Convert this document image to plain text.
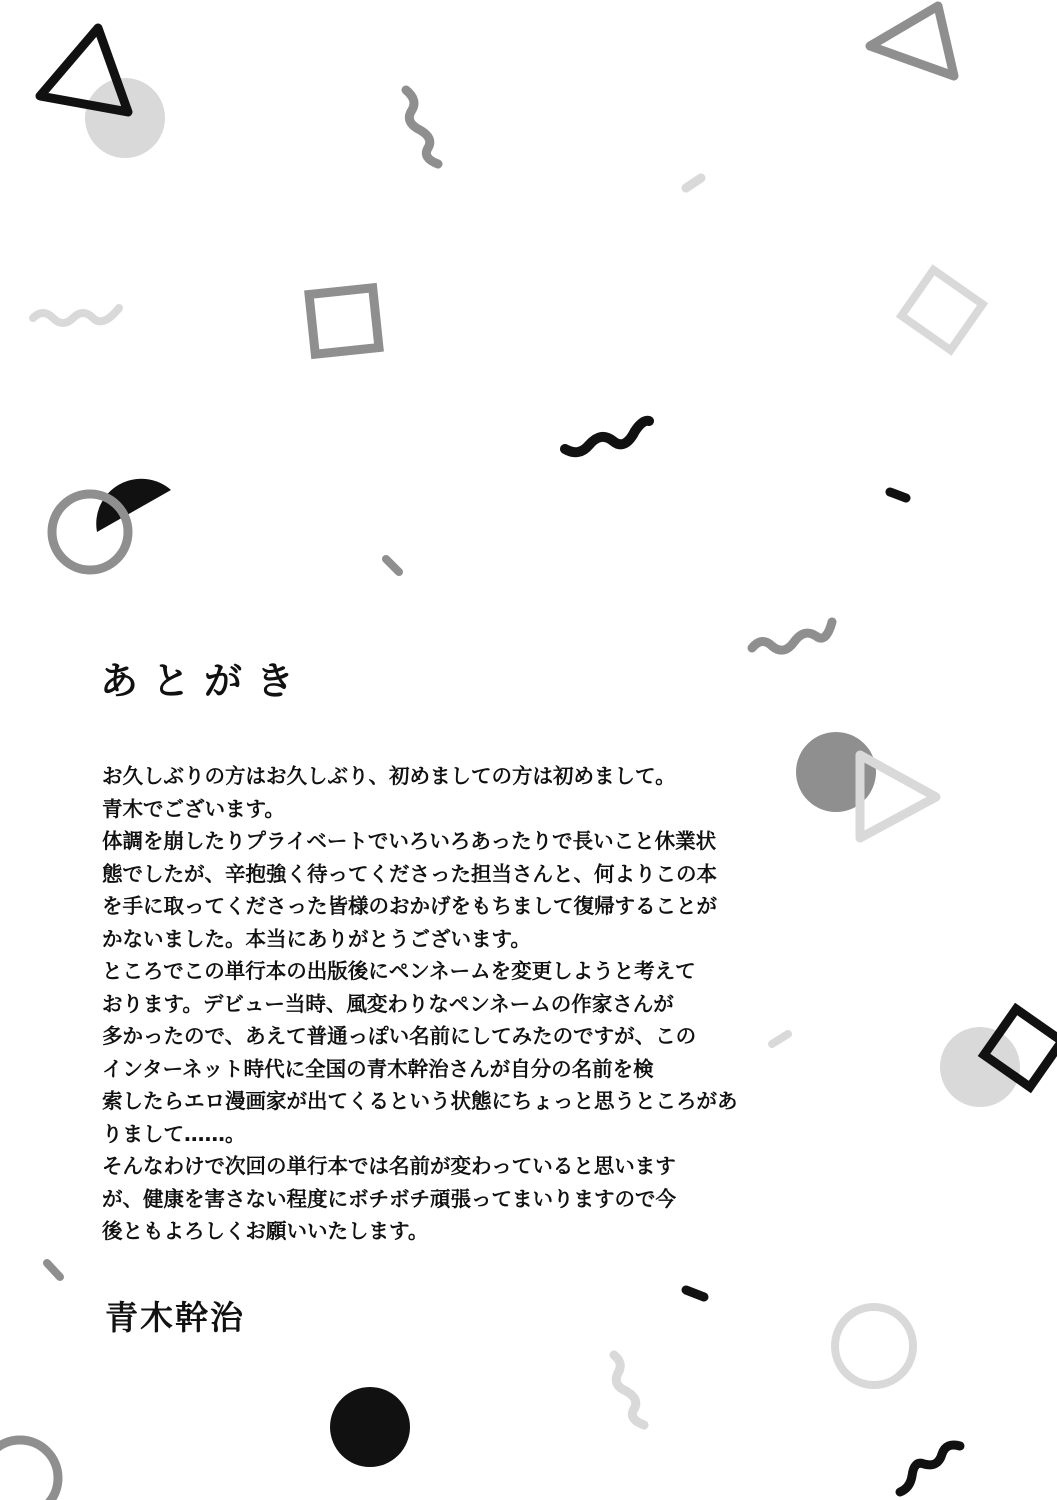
あとがき
お久しぶりの方はお久しぶり、初めましての方は初めまして。
青木でございます。
体調を崩したりプライベートでいろいろあったりで長いこと休業状
態でしたが、辛抱強く待ってくださった担当さんと、何よりこの本
を手に取ってくださった皆様のおかげをもちまして復帰することが
かないました。本当にありがとうございます。
ところでこの単行本の出版後にペンネームを変更しようと考えて
おります。デビュー当時、風変わりなペンネームの作家さんが
多かったので、あえて普通っぽい名前にしてみたのですが、この
インターネット時代に全国の青木幹治さんが自分の名前を検
索したらエロ漫画家が出てくるという状態にちょっと思うところがあ
りまして……。
そんなわけで次回の単行本では名前が変わっていると思います
が、健康を害さない程度にボチボチ頑張ってまいりますので今
後ともよろしくお願いいたします。
青木幹治
